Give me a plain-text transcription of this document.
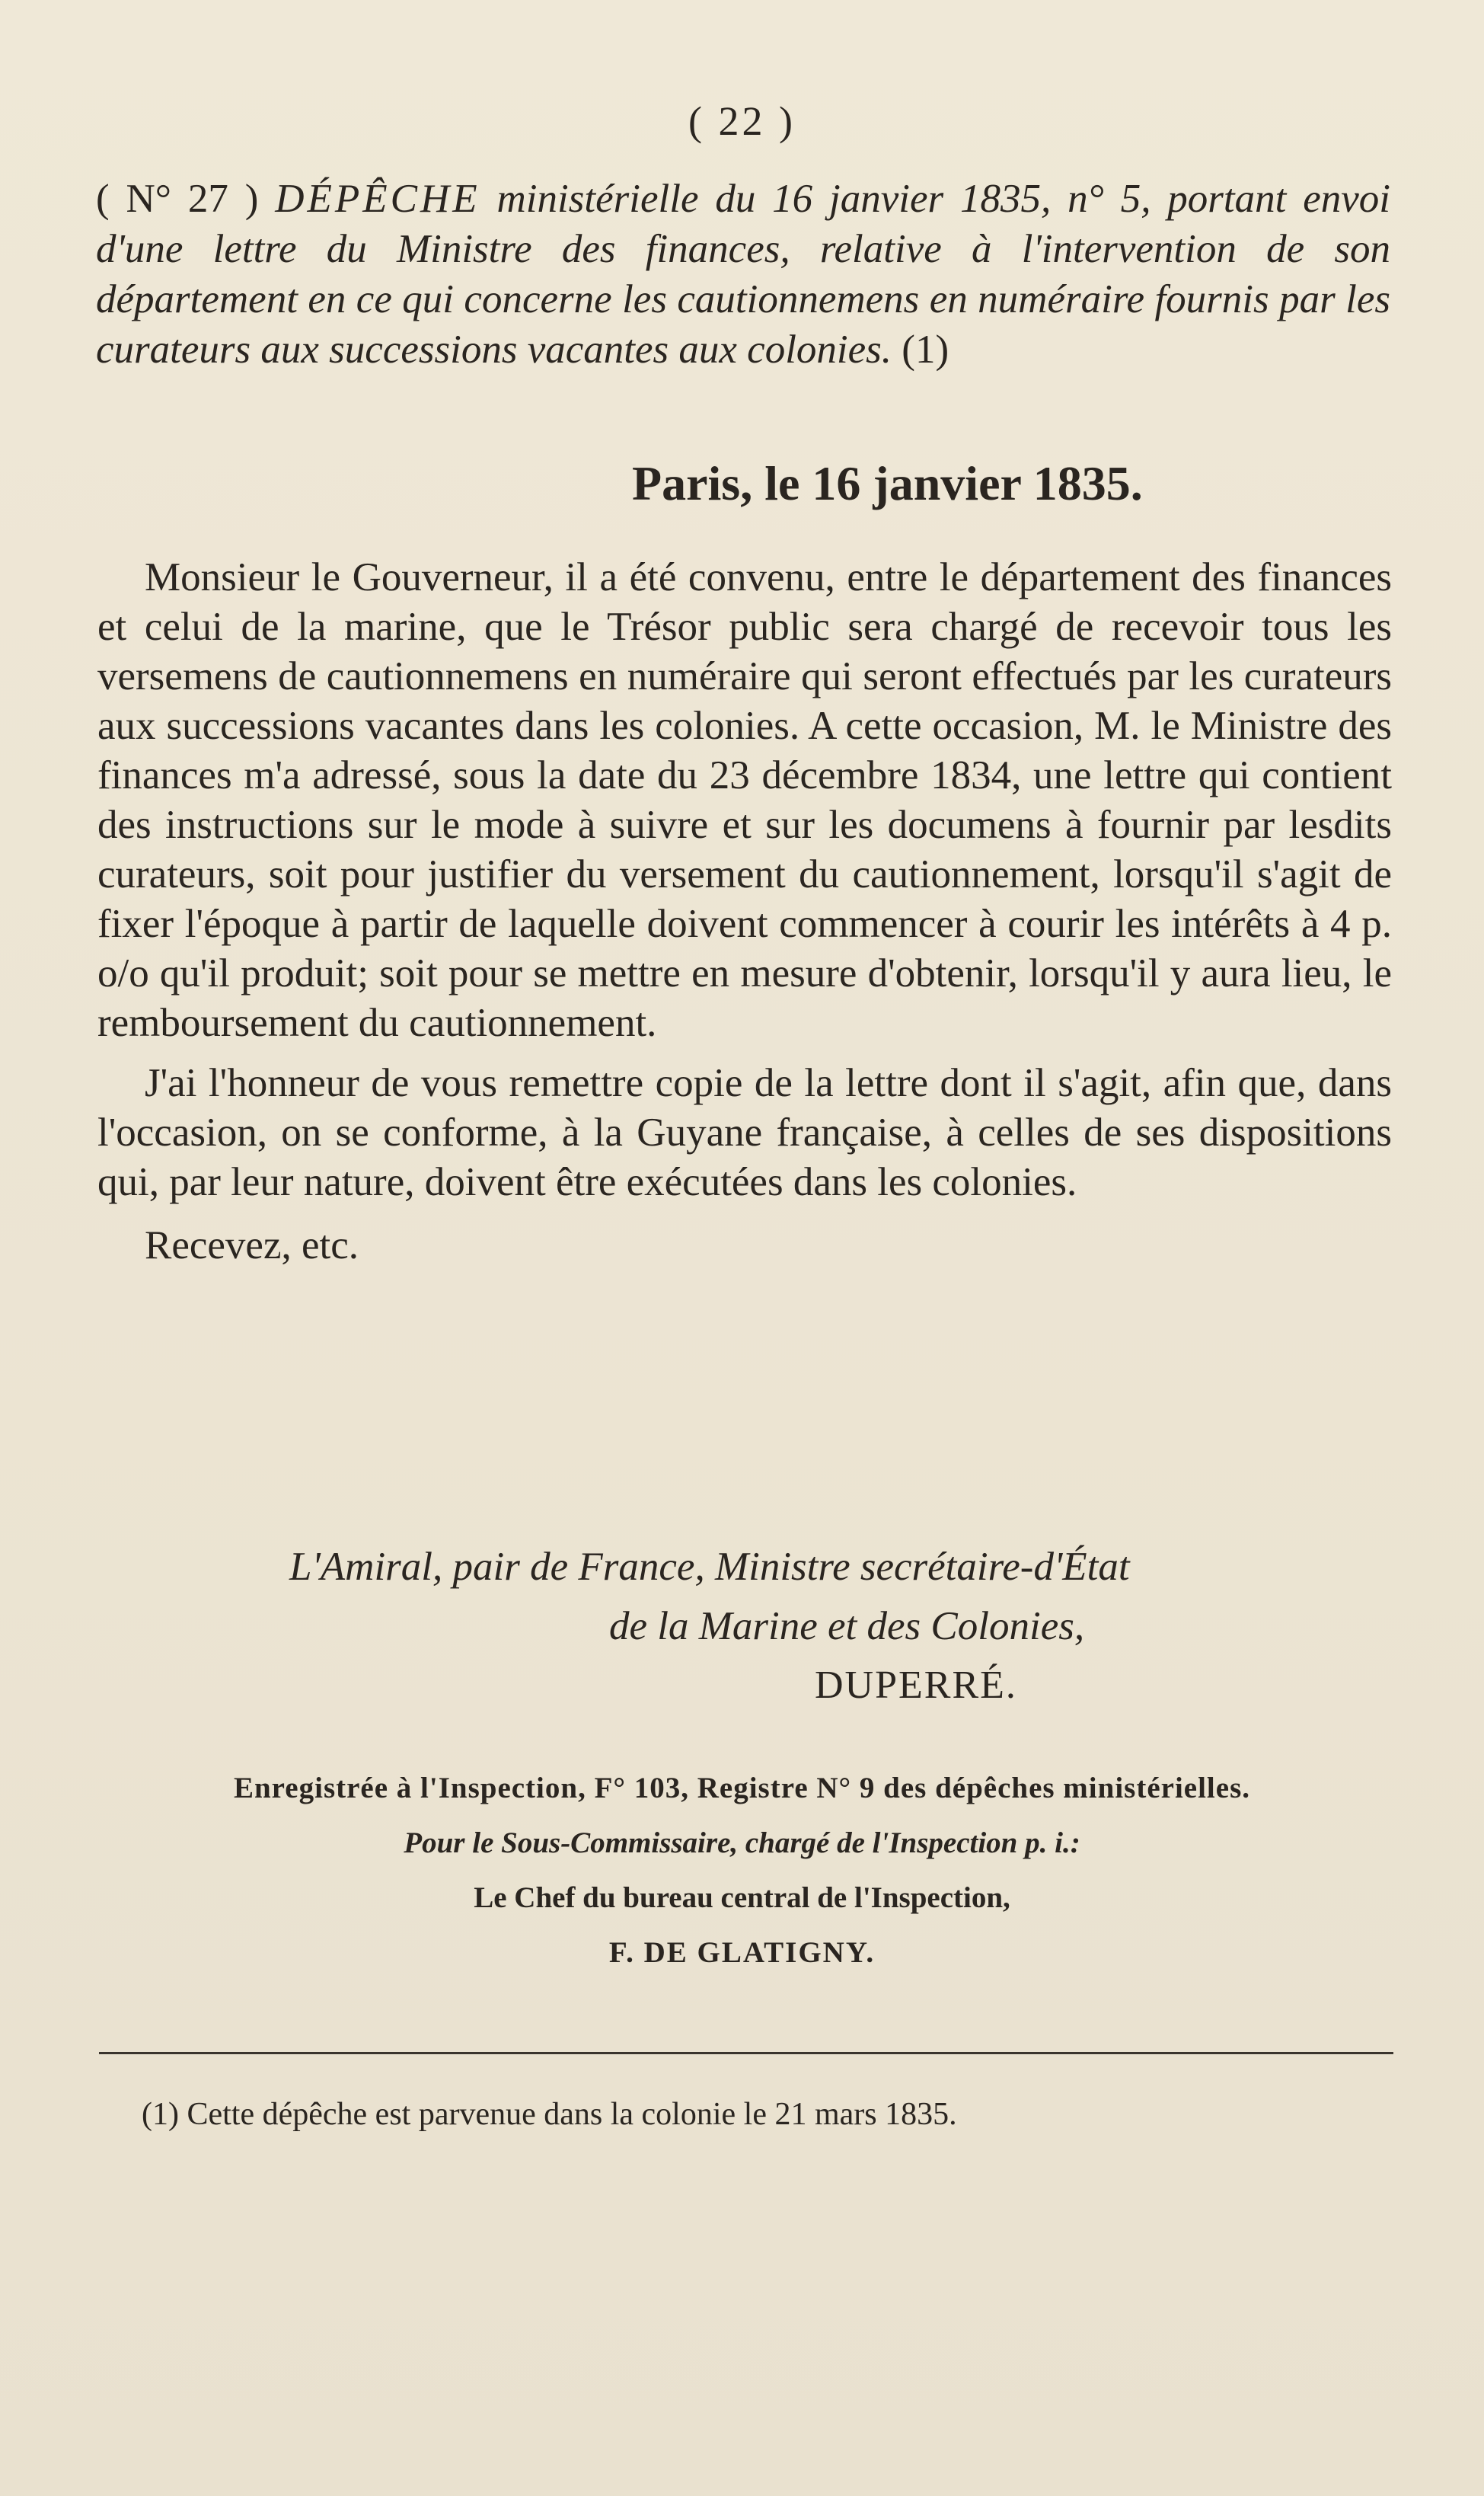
( 22 )
( N° 27 ) DÉPÊCHE ministérielle du 16 janvier 1835, n° 5, portant envoi d'une lettre du Ministre des finances, relative à l'intervention de son département en ce qui concerne les cautionnemens en numéraire fournis par les curateurs aux successions vacantes aux colonies. (1)
Paris, le 16 janvier 1835.

Monsieur le Gouverneur, il a été convenu, entre le département des finances et celui de la marine, que le Trésor public sera chargé de recevoir tous les versemens de cautionnemens en numéraire qui seront effectués par les curateurs aux successions vacantes dans les colonies. A cette occasion, M. le Ministre des finances m'a adressé, sous la date du 23 décembre 1834, une lettre qui contient des instructions sur le mode à suivre et sur les documens à fournir par lesdits curateurs, soit pour justifier du versement du cautionnement, lorsqu'il s'agit de fixer l'époque à partir de laquelle doivent commencer à courir les intérêts à 4 p. o/o qu'il produit; soit pour se mettre en mesure d'obtenir, lorsqu'il y aura lieu, le remboursement du cautionnement.

J'ai l'honneur de vous remettre copie de la lettre dont il s'agit, afin que, dans l'occasion, on se conforme, à la Guyane française, à celles de ses dispositions qui, par leur nature, doivent être exécutées dans les colonies.

Recevez, etc.

L'Amiral, pair de France, Ministre secrétaire-d'État
de la Marine et des Colonies,
DUPERRÉ.
Enregistrée à l'Inspection, F° 103, Registre N° 9 des dépêches ministérielles.
Pour le Sous-Commissaire, chargé de l'Inspection p. i.:
Le Chef du bureau central de l'Inspection,
F. DE GLATIGNY.
(1) Cette dépêche est parvenue dans la colonie le 21 mars 1835.
